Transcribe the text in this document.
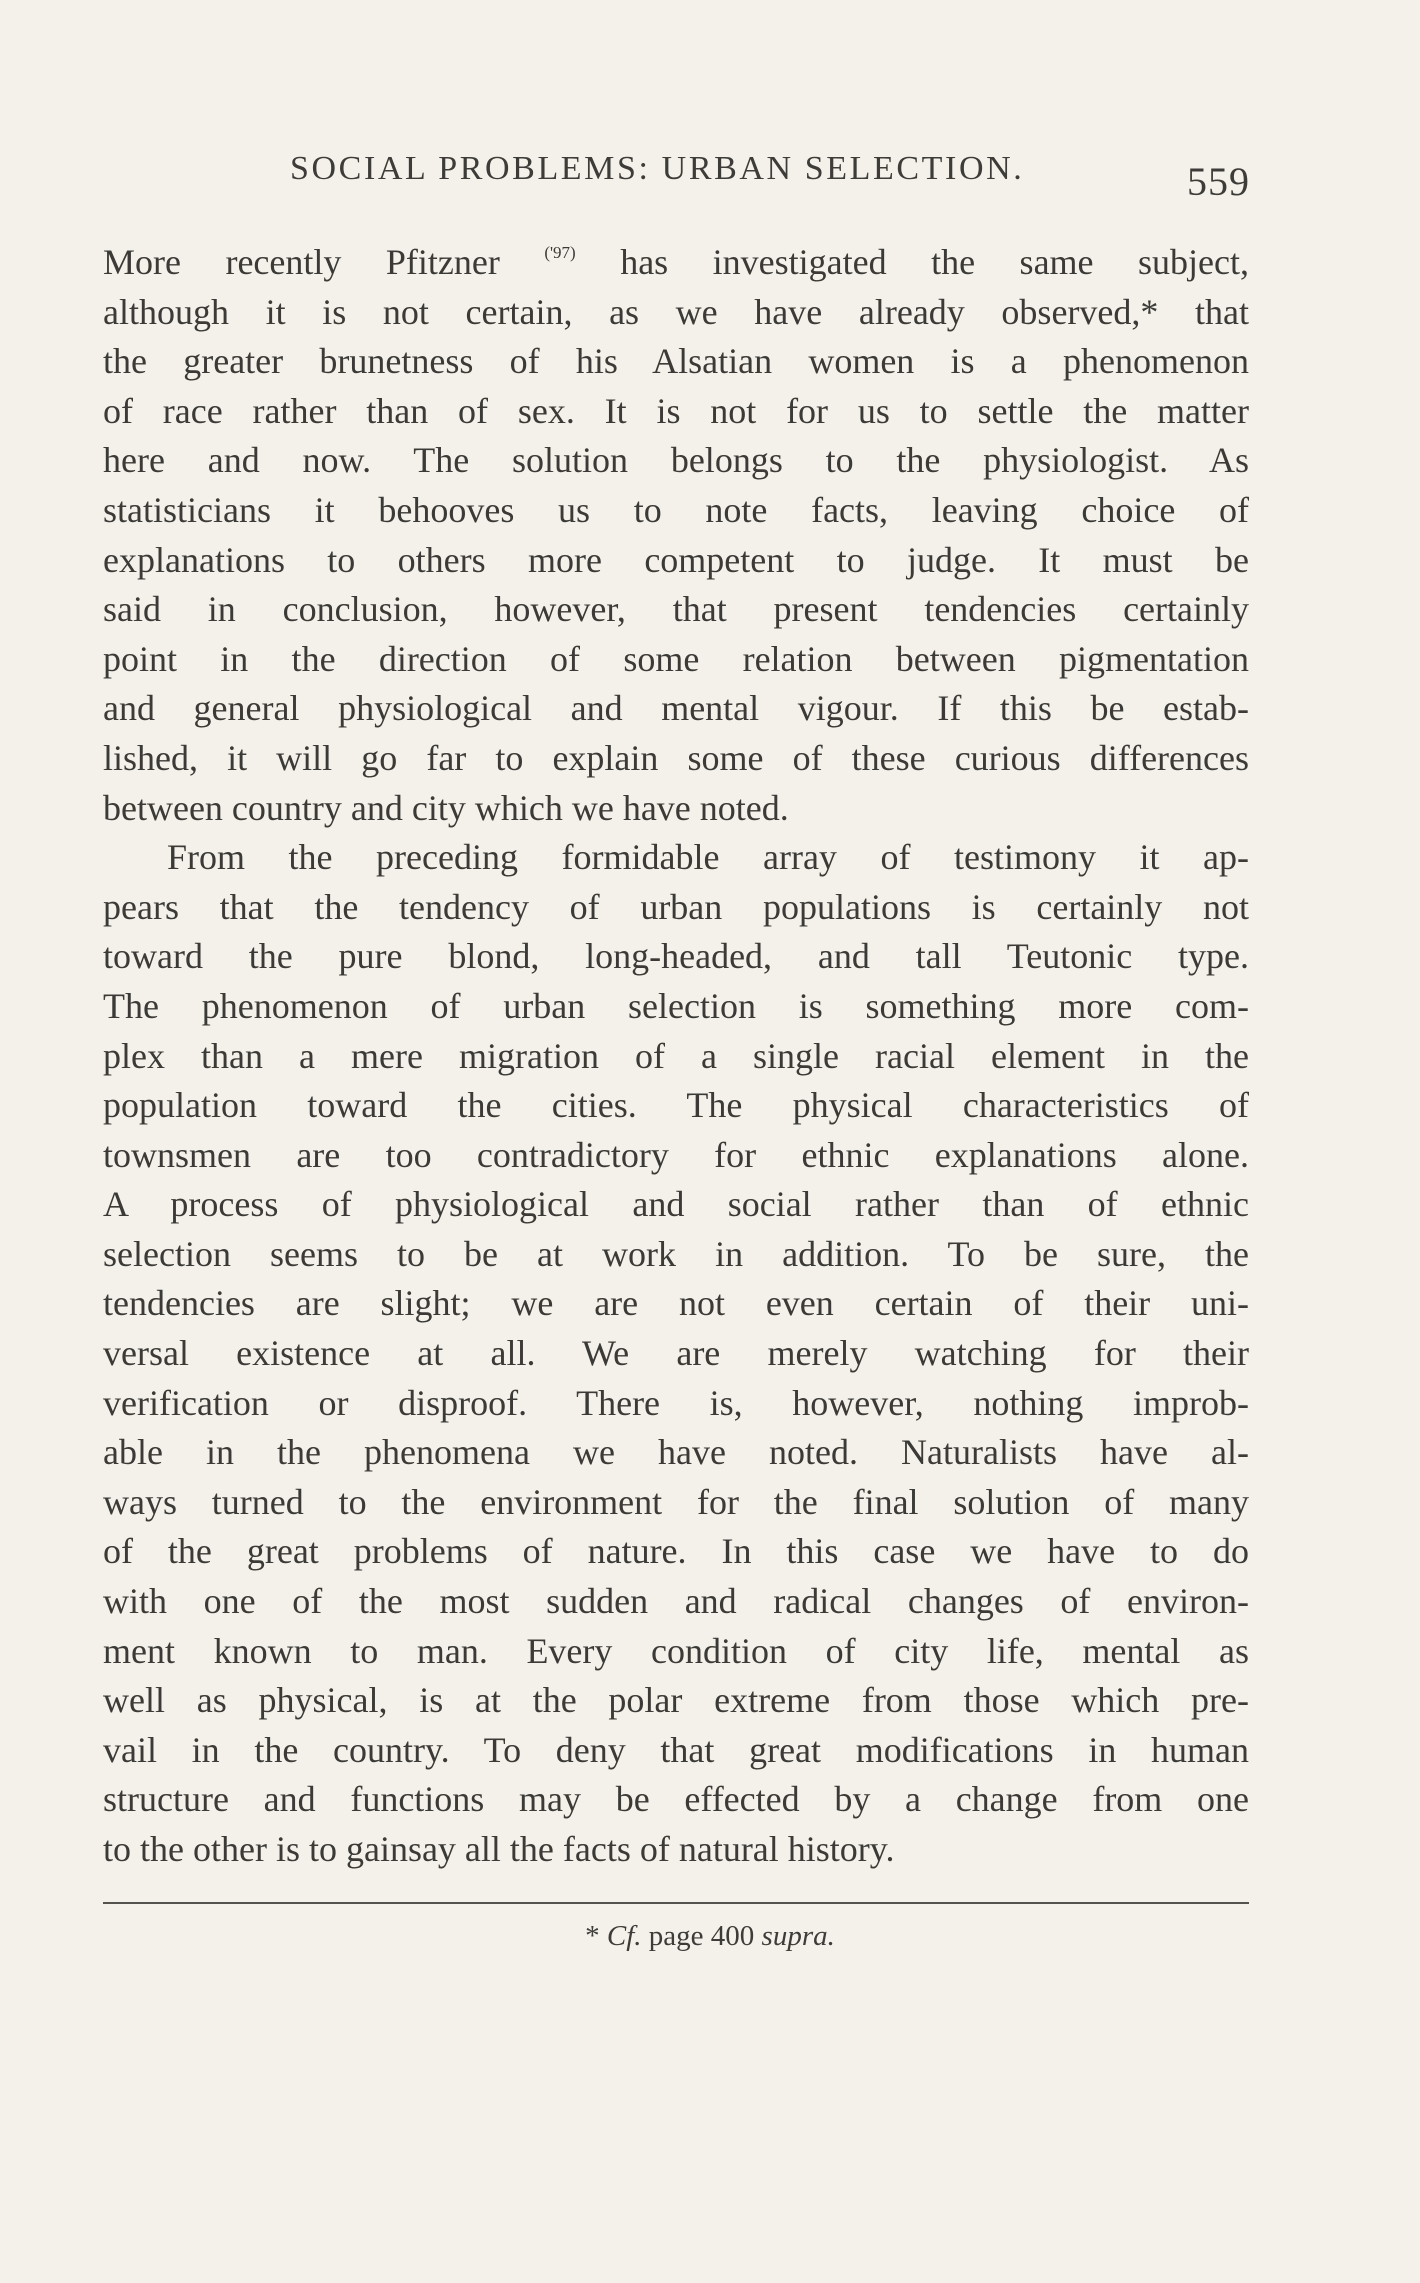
SOCIAL PROBLEMS: URBAN SELECTION.	559
More recently Pfitzner	$^{('97)}$ has investigated the same subject,
although it is not certain, as we have already observed,* that
the greater brunetness of his Alsatian women is a phenomenon
of race rather than of sex. It is not for us to settle the matter
here and now. The solution belongs to the physiologist. As
statisticians it behooves us to note facts, leaving choice of
explanations to others more competent to judge. It must be
said in conclusion, however, that present tendencies certainly
point in the direction of some relation between pigmentation
and general physiological and mental vigour. If this be estab-
lished, it will go far to explain some of these curious differences
between country and city which we have noted.
From the preceding formidable array of testimony it ap-
pears that the tendency of urban populations is certainly not
toward the pure blond, long-headed, and tall Teutonic type.
The phenomenon of urban selection is something more com-
plex than a mere migration of a single racial element in the
population toward the cities. The physical characteristics of
townsmen are too contradictory for ethnic explanations alone.
A process of physiological and social rather than of ethnic
selection seems to be at work in addition. To be sure, the
tendencies are slight; we are not even certain of their uni-
versal existence at all. We are merely watching for their
verification or disproof. There is, however, nothing improb-
able in the phenomena we have noted. Naturalists have al-
ways turned to the environment for the final solution of many
of the great problems of nature. In this case we have to do
with one of the most sudden and radical changes of environ-
ment known to man. Every condition of city life, mental as
well as physical, is at the polar extreme from those which pre-
vail in the country. To deny that great modifications in human
structure and functions may be effected by a change from one
to the other is to gainsay all the facts of natural history.
* Cf. page 400 supra.
